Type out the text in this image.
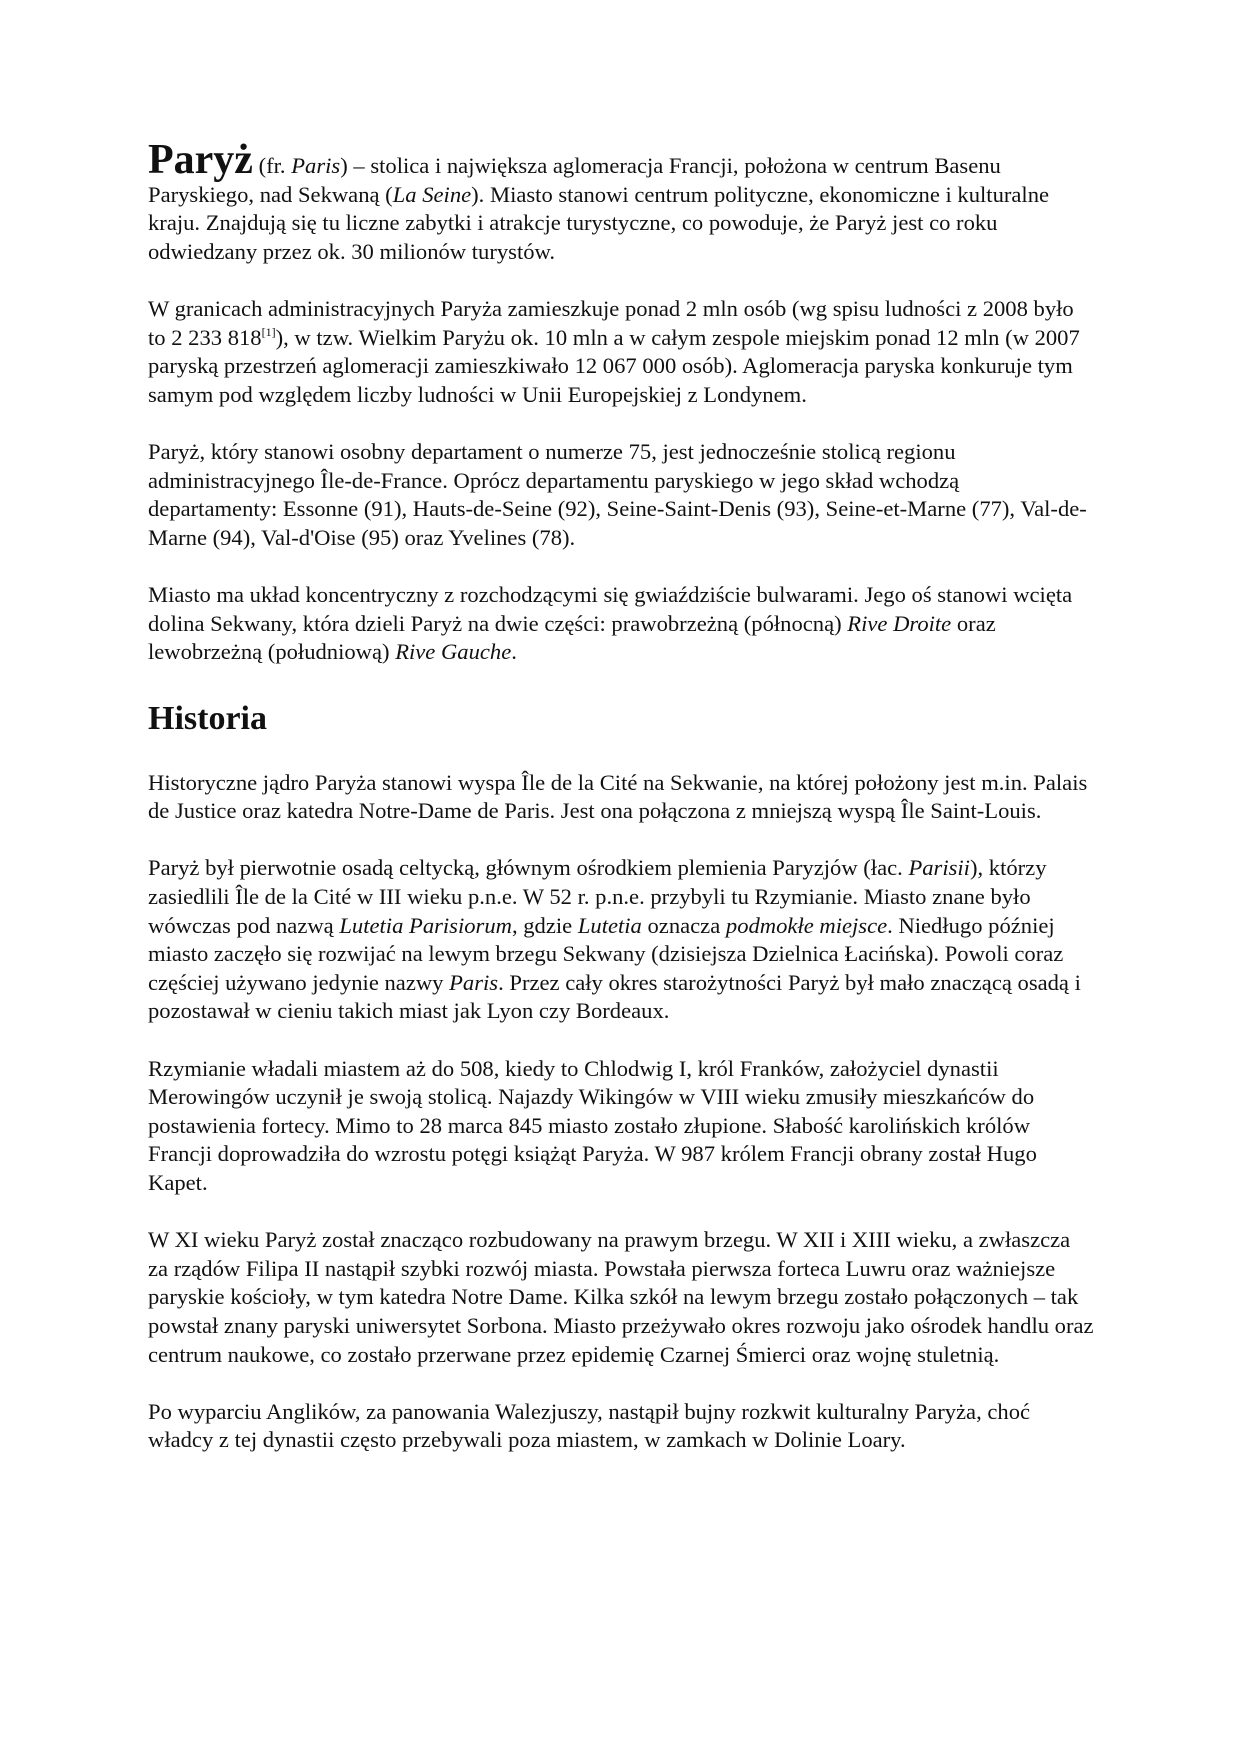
Paryż (fr. Paris) – stolica i największa aglomeracja Francji, położona w centrum Basenu Paryskiego, nad Sekwaną (La Seine). Miasto stanowi centrum polityczne, ekonomiczne i kulturalne kraju. Znajdują się tu liczne zabytki i atrakcje turystyczne, co powoduje, że Paryż jest co roku odwiedzany przez ok. 30 milionów turystów.

W granicach administracyjnych Paryża zamieszkuje ponad 2 mln osób (wg spisu ludności z 2008 było to 2 233 818[1]), w tzw. Wielkim Paryżu ok. 10 mln a w całym zespole miejskim ponad 12 mln (w 2007 paryską przestrzeń aglomeracji zamieszkiwało 12 067 000 osób). Aglomeracja paryska konkuruje tym samym pod względem liczby ludności w Unii Europejskiej z Londynem.

Paryż, który stanowi osobny departament o numerze 75, jest jednocześnie stolicą regionu administracyjnego Île-de-France. Oprócz departamentu paryskiego w jego skład wchodzą departamenty: Essonne (91), Hauts-de-Seine (92), Seine-Saint-Denis (93), Seine-et-Marne (77), Val-de-Marne (94), Val-d'Oise (95) oraz Yvelines (78).

Miasto ma układ koncentryczny z rozchodzącymi się gwiaździście bulwarami. Jego oś stanowi wcięta dolina Sekwany, która dzieli Paryż na dwie części: prawobrzeżną (północną) Rive Droite oraz lewobrzeżną (południową) Rive Gauche.

Historia

Historyczne jądro Paryża stanowi wyspa Île de la Cité na Sekwanie, na której położony jest m.in. Palais de Justice oraz katedra Notre-Dame de Paris. Jest ona połączona z mniejszą wyspą Île Saint-Louis.

Paryż był pierwotnie osadą celtycką, głównym ośrodkiem plemienia Paryzjów (łac. Parisii), którzy zasiedlili Île de la Cité w III wieku p.n.e. W 52 r. p.n.e. przybyli tu Rzymianie. Miasto znane było wówczas pod nazwą Lutetia Parisiorum, gdzie Lutetia oznacza podmokłe miejsce. Niedługo później miasto zaczęło się rozwijać na lewym brzegu Sekwany (dzisiejsza Dzielnica Łacińska). Powoli coraz częściej używano jedynie nazwy Paris. Przez cały okres starożytności Paryż był mało znaczącą osadą i pozostawał w cieniu takich miast jak Lyon czy Bordeaux.

Rzymianie władali miastem aż do 508, kiedy to Chlodwig I, król Franków, założyciel dynastii Merowingów uczynił je swoją stolicą. Najazdy Wikingów w VIII wieku zmusiły mieszkańców do postawienia fortecy. Mimo to 28 marca 845 miasto zostało złupione. Słabość karolińskich królów Francji doprowadziła do wzrostu potęgi książąt Paryża. W 987 królem Francji obrany został Hugo Kapet.

W XI wieku Paryż został znacząco rozbudowany na prawym brzegu. W XII i XIII wieku, a zwłaszcza za rządów Filipa II nastąpił szybki rozwój miasta. Powstała pierwsza forteca Luwru oraz ważniejsze paryskie kościoły, w tym katedra Notre Dame. Kilka szkół na lewym brzegu zostało połączonych – tak powstał znany paryski uniwersytet Sorbona. Miasto przeżywało okres rozwoju jako ośrodek handlu oraz centrum naukowe, co zostało przerwane przez epidemię Czarnej Śmierci oraz wojnę stuletnią.

Po wyparciu Anglików, za panowania Walezjuszy, nastąpił bujny rozkwit kulturalny Paryża, choć władcy z tej dynastii często przebywali poza miastem, w zamkach w Dolinie Loary.
